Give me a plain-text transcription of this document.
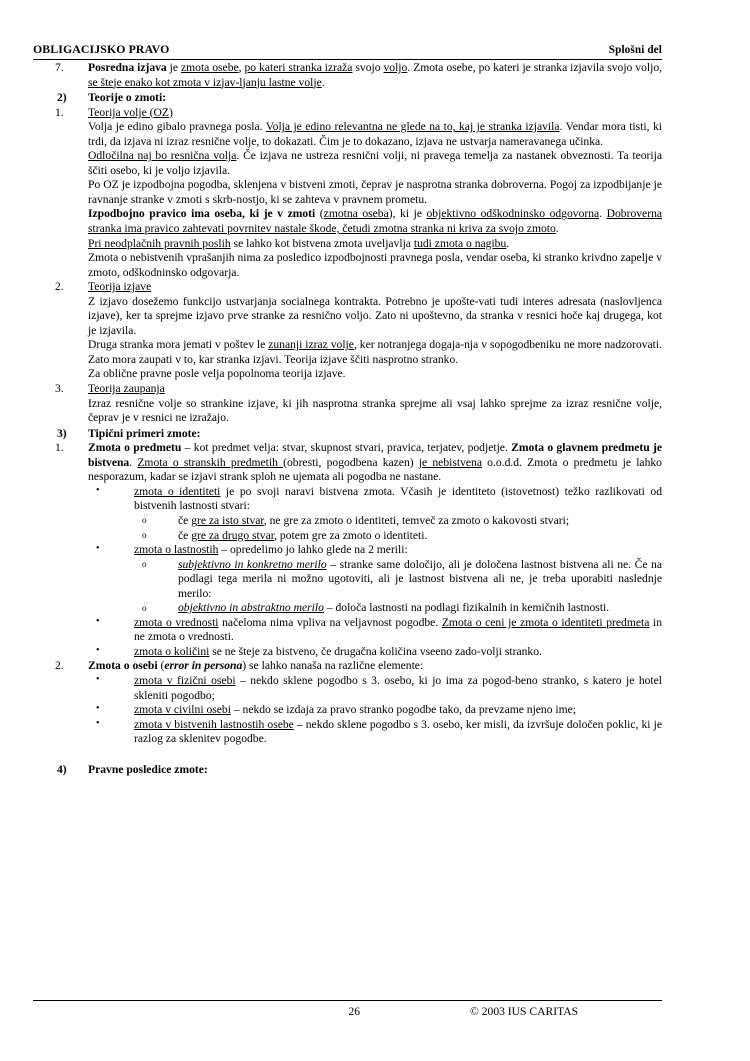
OBLIGACIJSKO PRAVO	Splošni del
7.	Posredna izjava je zmota osebe, po kateri stranka izraža svojo voljo. Zmota osebe, po kateri je stranka izjavila svojo voljo, se šteje enako kot zmota v izjav-ljanju lastne volje.

2)	Teorije o zmoti:
1.	Teorija volje (OZ)

Volja je edino gibalo pravnega posla. Volja je edino relevantna ne glede na to, kaj je stranka izjavila. Vendar mora tisti, ki trdi, da izjava ni izraz resnične volje, to dokazati. Čim je to dokazano, izjava ne ustvarja nameravanega učinka.

Odločilna naj bo resnična volja. Če izjava ne ustreza resnični volji, ni pravega temelja za nastanek obveznosti. Ta teorija ščiti osebo, ki je voljo izjavila.

Po OZ je izpodbojna pogodba, sklenjena v bistveni zmoti, čeprav je nasprotna stranka dobroverna. Pogoj za izpodbijanje je ravnanje stranke v zmoti s skrb-nostjo, ki se zahteva v pravnem prometu.

Izpodbojno pravico ima oseba, ki je v zmoti (zmotna oseba), ki je objektivno odškodninsko odgovorna. Dobroverna stranka ima pravico zahtevati povrnitev nastale škode, četudi zmotna stranka ni kriva za svojo zmoto.

Pri neodplačnih pravnih poslih se lahko kot bistvena zmota uveljavlja tudi zmota o nagibu.

Zmota o nebistvenih vprašanjih nima za posledico izpodbojnosti pravnega posla, vendar oseba, ki stranko krivdno zapelje v zmoto, odškodninsko odgovarja.

2.	Teorija izjave

Z izjavo dosežemo funkcijo ustvarjanja socialnega kontrakta. Potrebno je upošte-vati tudi interes adresata (naslovljenca izjave), ker ta sprejme izjavo prve stranke za resnično voljo. Zato ni upoštevno, da stranka v resnici hoče kaj drugega, kot je izjavila.

Druga stranka mora jemati v poštev le zunanji izraz volje, ker notranjega dogaja-nja v sopogodbeniku ne more nadzorovati. Zato mora zaupati v to, kar stranka izjavi. Teorija izjave ščiti nasprotno stranko.

Za oblične pravne posle velja popolnoma teorija izjave.

3.	Teorija zaupanja

Izraz resnične volje so strankine izjave, ki jih nasprotna stranka sprejme ali vsaj lahko sprejme za izraz resnične volje, čeprav je v resnici ne izražajo.

3)	Tipični primeri zmote:
1.	Zmota o predmetu – kot predmet velja: stvar, skupnost stvari, pravica, terjatev, podjetje. Zmota o glavnem predmetu je bistvena. Zmota o stranskih predmetih (obresti, pogodbena kazen) je nebistvena o.o.d.d. Zmota o predmetu je lahko nesporazum, kadar se izjavi strank sploh ne ujemata ali pogodba ne nastane.

•	zmota o identiteti je po svoji naravi bistvena zmota. Včasih je identiteto (istovetnost) težko razlikovati od bistvenih lastnosti stvari:

o	če gre za isto stvar, ne gre za zmoto o identiteti, temveč za zmoto o kakovosti stvari;

o	če gre za drugo stvar, potem gre za zmoto o identiteti.

•	zmota o lastnostih – opredelimo jo lahko glede na 2 merili:

o	subjektivno in konkretno merilo – stranke same določijo, ali je določena lastnost bistvena ali ne. Če na podlagi tega merila ni možno ugotoviti, ali je lastnost bistvena ali ne, je treba uporabiti naslednje merilo:

o	objektivno in abstraktno merilo – določa lastnosti na podlagi fizikalnih in kemičnih lastnosti.

•	zmota o vrednosti načeloma nima vpliva na veljavnost pogodbe. Zmota o ceni je zmota o identiteti predmeta in ne zmota o vrednosti.

•	zmota o količini se ne šteje za bistveno, če drugačna količina vseeno zado-volji stranko.

2.	Zmota o osebi (error in persona) se lahko nanaša na različne elemente:

•	zmota v fizični osebi – nekdo sklene pogodbo s 3. osebo, ki jo ima za pogod-beno stranko, s katero je hotel skleniti pogodbo;

•	zmota v civilni osebi – nekdo se izdaja za pravo stranko pogodbe tako, da prevzame njeno ime;

•	zmota v bistvenih lastnostih osebe – nekdo sklene pogodbo s 3. osebo, ker misli, da izvršuje določen poklic, ki je razlog za sklenitev pogodbe.

4)	Pravne posledice zmote:
26	© 2003 IUS CARITAS
